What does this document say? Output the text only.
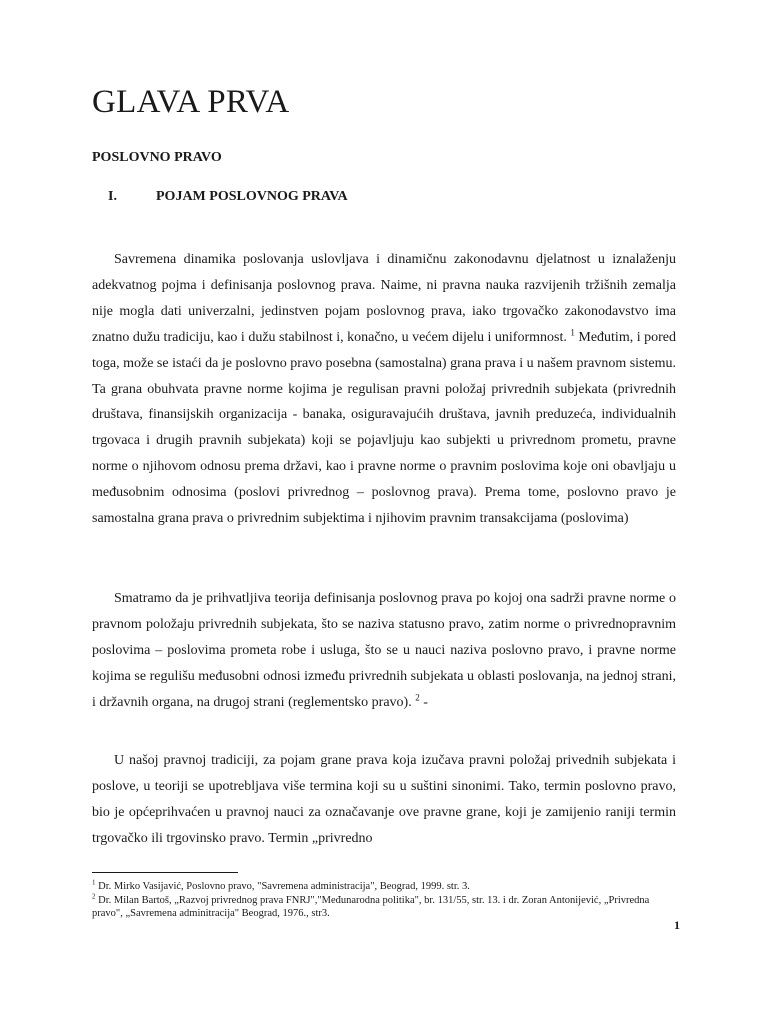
GLAVA PRVA
POSLOVNO PRAVO
I.	POJAM POSLOVNOG PRAVA

Savremena dinamika poslovanja uslovljava i dinamičnu zakonodavnu djelatnost u iznalaženju adekvatnog pojma i definisanja poslovnog prava. Naime, ni pravna nauka razvijenih tržišnih zemalja nije mogla dati univerzalni, jedinstven pojam poslovnog prava, iako trgovačko zakonodavstvo ima znatno dužu tradiciju, kao i dužu stabilnost i, konačno, u većem dijelu i uniformnost. $^1$ Međutim, i pored toga, može se istaći da je poslovno pravo posebna (samostalna) grana prava i u našem pravnom sistemu. Ta grana obuhvata pravne norme kojima je regulisan pravni položaj privrednih subjekata (privrednih društava, finansijskih organizacija - banaka, osiguravajućih društava, javnih preduzeća, individualnih trgovaca i drugih pravnih subjekata) koji se pojavljuju kao subjekti u privrednom prometu, pravne norme o njihovom odnosu prema državi, kao i pravne norme o pravnim poslovima koje oni obavljaju u međusobnim odnosima (poslovi privrednog – poslovnog prava). Prema tome, poslovno pravo je samostalna grana prava o privrednim subjektima i njihovim pravnim transakcijama (poslovima)

Smatramo da je prihvatljiva teorija definisanja poslovnog prava po kojoj ona sadrži pravne norme o pravnom položaju privrednih subjekata, što se naziva statusno pravo, zatim norme o privrednopravnim poslovima – poslovima prometa robe i usluga, što se u nauci naziva poslovno pravo, i pravne norme kojima se regulišu međusobni odnosi između privrednih subjekata u oblasti poslovanja, na jednoj strani, i državnih organa, na drugoj strani (reglementsko pravo). $^2$ -

U našoj pravnoj tradiciji, za pojam grane prava koja izučava pravni položaj privednih subjekata i poslove, u teoriji se upotrebljava više termina koji su u suštini sinonimi. Tako, termin poslovno pravo, bio je općeprihvaćen u pravnoj nauci za označavanje ove pravne grane, koji je zamijenio raniji termin trgovačko ili trgovinsko pravo. Termin „privredno

$^1$ Dr. Mirko Vasijavić, Poslovno pravo, "Savremena administracija", Beograd, 1999. str. 3.

$^2$ Dr. Milan Bartoš, „Razvoj privrednog prava FNRJ","Međunarodna politika", br. 131/55, str. 13. i dr. Zoran Antonijević, „Privredna pravo", „Savremena adminitracija" Beograd, 1976., str3.

1
